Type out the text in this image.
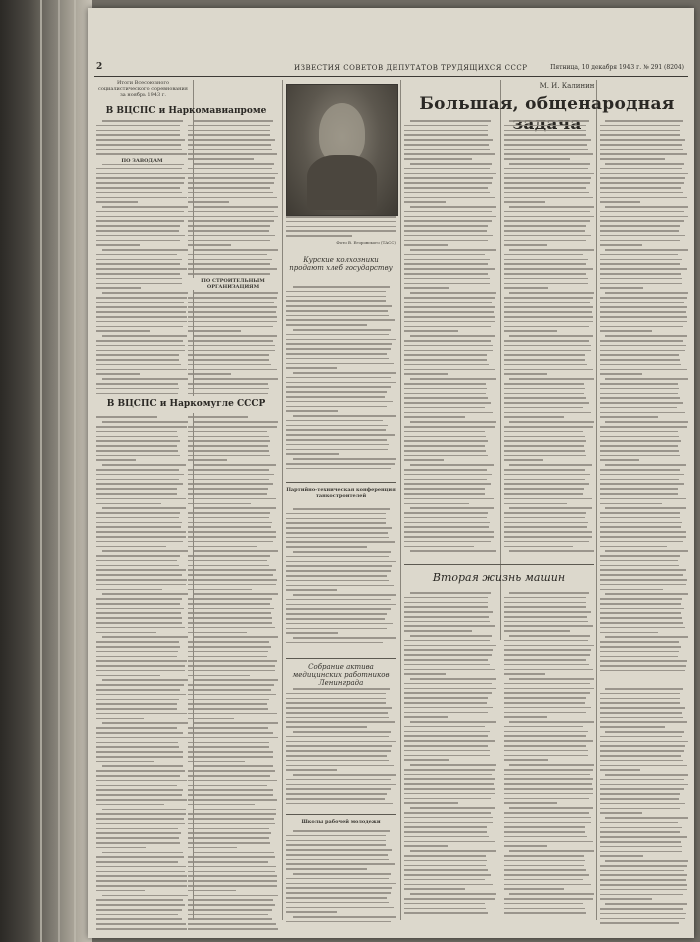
2	ИЗВЕСТИЯ СОВЕТОВ ДЕПУТАТОВ ТРУДЯЩИХСЯ СССР	Пятница, 10 декабря 1943 г. № 291 (8204)
Итоги Всесоюзного социалистического соревнования за ноябрь 1943 г.
В ВЦСПС и Наркомавиапроме
В ВЦСПС и Наркомугле СССР
ПО СТРОИТЕЛЬНЫМ ОРГАНИЗАЦИЯМ
ПО ЗАВОДАМ
Фото В. Егоровского (ТАСС)
Курские колхозники продают хлеб государству
Партийно-техническая конференция танкостроителей
Собрание актива медицинских работников Ленинграда
Школы рабочей молодежи
М. И. Калинин
Большая, общенародная
Вторая жизнь машин
